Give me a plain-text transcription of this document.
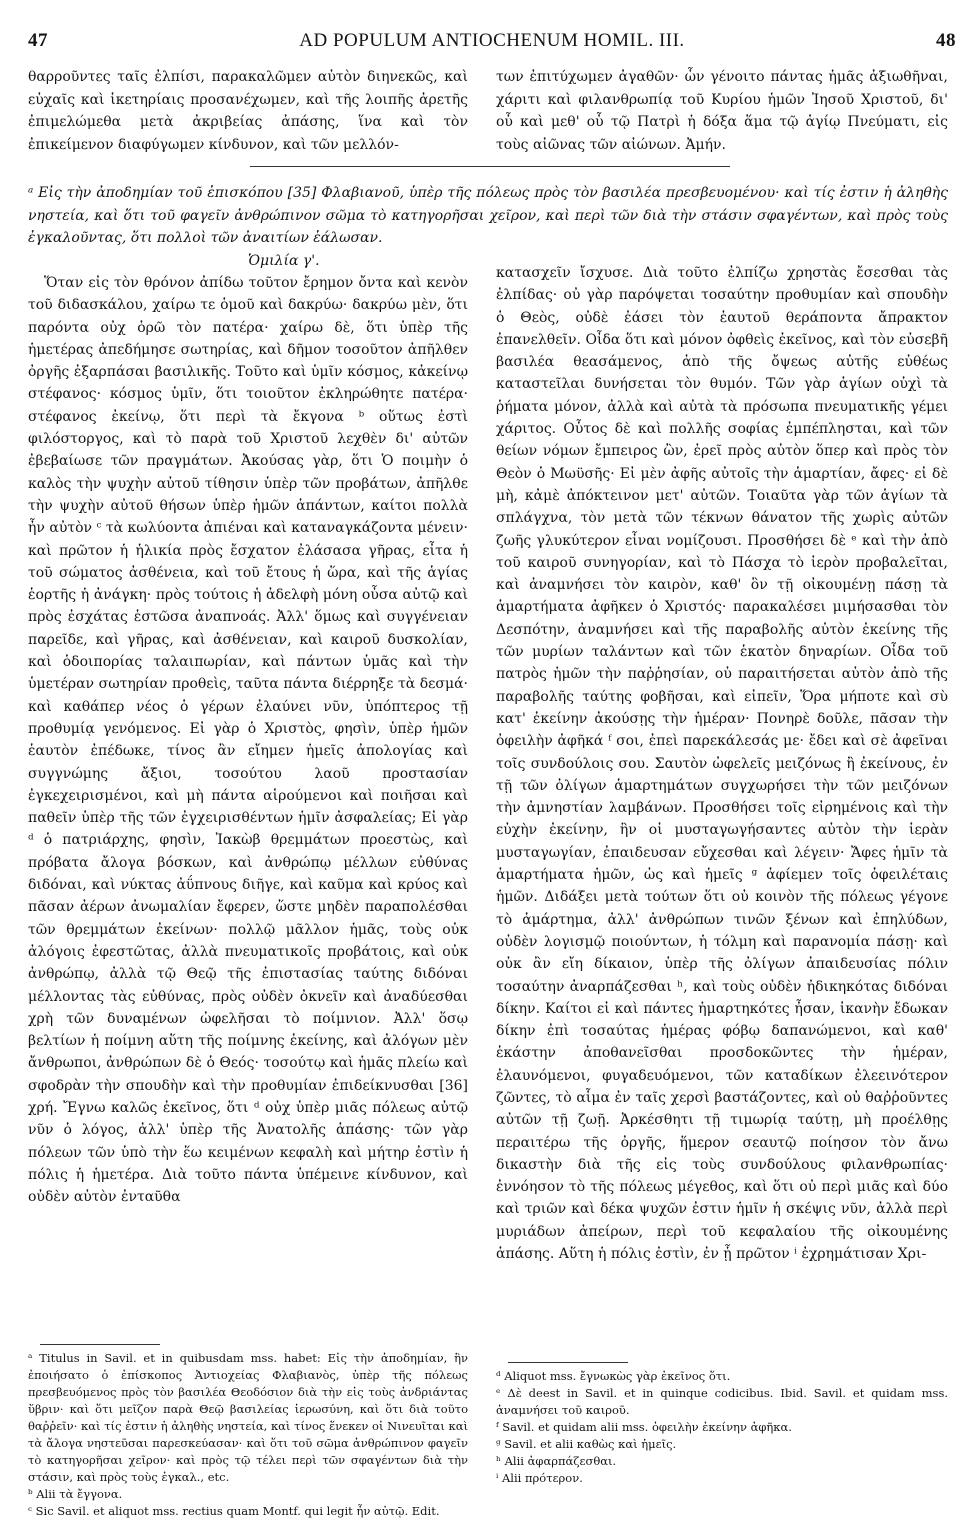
47	AD POPULUM ANTIOCHENUM HOMIL. III.	48

θαρροῦντες ταῖς ἐλπίσι, παρακαλῶμεν αὐτὸν διηνεκῶς, καὶ εὐχαῖς καὶ ἱκετηρίαις προσανέχωμεν, καὶ τῆς λοιπῆς ἀρετῆς ἐπιμελώμεθα μετὰ ἀκριβείας ἁπάσης, ἵνα καὶ τὸν ἐπικείμενον διαφύγωμεν κίνδυνον, καὶ τῶν μελλόν-

των ἐπιτύχωμεν ἀγαθῶν· ὧν γένοιτο πάντας ἡμᾶς ἀξιωθῆναι, χάριτι καὶ φιλανθρωπίᾳ τοῦ Κυρίου ἡμῶν Ἰησοῦ Χριστοῦ, δι' οὗ καὶ μεθ' οὗ τῷ Πατρὶ ἡ δόξα ἅμα τῷ ἁγίῳ Πνεύματι, εἰς τοὺς αἰῶνας τῶν αἰώνων. Ἀμήν.

ᵃ Εἰς τὴν ἀποδημίαν τοῦ ἐπισκόπου [35] Φλαβιανοῦ, ὑπὲρ τῆς πόλεως πρὸς τὸν βασιλέα πρεσβευομένου· καὶ τίς ἐστιν ἡ ἀληθὴς νηστεία, καὶ ὅτι τοῦ φαγεῖν ἀνθρώπινον σῶμα τὸ κατηγορῆσαι χεῖρον, καὶ περὶ τῶν διὰ τὴν στάσιν σφαγέντων, καὶ πρὸς τοὺς ἐγκαλοῦντας, ὅτι πολλοὶ τῶν ἀναιτίων ἑάλωσαν.
Ὁμιλία γ'.

Ὅταν εἰς τὸν θρόνον ἀπίδω τοῦτον ἔρημον ὄντα καὶ κενὸν τοῦ διδασκάλου, χαίρω τε ὁμοῦ καὶ δακρύω· δακρύω μὲν, ὅτι παρόντα οὐχ ὁρῶ τὸν πατέρα· χαίρω δὲ, ὅτι ὑπὲρ τῆς ἡμετέρας ἀπεδήμησε σωτηρίας, καὶ δῆμον τοσοῦτον ἀπῆλθεν ὀργῆς ἐξαρπάσαι βασιλικῆς. Τοῦτο καὶ ὑμῖν κόσμος, κἀκείνῳ στέφανος· κόσμος ὑμῖν, ὅτι τοιοῦτον ἐκληρώθητε πατέρα· στέφανος ἐκείνῳ, ὅτι περὶ τὰ ἔκγονα ᵇ οὕτως ἐστὶ φιλόστοργος, καὶ τὸ παρὰ τοῦ Χριστοῦ λεχθὲν δι' αὐτῶν ἐβεβαίωσε τῶν πραγμάτων. Ἀκούσας γὰρ, ὅτι Ὁ ποιμὴν ὁ καλὸς τὴν ψυχὴν αὐτοῦ τίθησιν ὑπὲρ τῶν προβάτων, ἀπῆλθε τὴν ψυχὴν αὐτοῦ θήσων ὑπὲρ ἡμῶν ἁπάντων, καίτοι πολλὰ ἦν αὐτὸν ᶜ τὰ κωλύοντα ἀπιέναι καὶ καταναγκάζοντα μένειν· καὶ πρῶτον ἡ ἡλικία πρὸς ἔσχατον ἐλάσασα γῆρας, εἶτα ἡ τοῦ σώματος ἀσθένεια, καὶ τοῦ ἔτους ἡ ὥρα, καὶ τῆς ἁγίας ἑορτῆς ἡ ἀνάγκη· πρὸς τούτοις ἡ ἀδελφὴ μόνη οὖσα αὐτῷ καὶ πρὸς ἐσχάτας ἑστῶσα ἀναπνοάς. Ἀλλ' ὅμως καὶ συγγένειαν παρεῖδε, καὶ γῆρας, καὶ ἀσθένειαν, καὶ καιροῦ δυσκολίαν, καὶ ὁδοιπορίας ταλαιπωρίαν, καὶ πάντων ὑμᾶς καὶ τὴν ὑμετέραν σωτηρίαν προθεὶς, ταῦτα πάντα διέρρηξε τὰ δεσμά· καὶ καθάπερ νέος ὁ γέρων ἐλαύνει νῦν, ὑπόπτερος τῇ προθυμίᾳ γενόμενος. Εἰ γὰρ ὁ Χριστὸς, φησὶν, ὑπὲρ ἡμῶν ἑαυτὸν ἐπέδωκε, τίνος ἂν εἴημεν ἡμεῖς ἀπολογίας καὶ συγγνώμης ἄξιοι, τοσούτου λαοῦ προστασίαν ἐγκεχειρισμένοι, καὶ μὴ πάντα αἱρούμενοι καὶ ποιῆσαι καὶ παθεῖν ὑπὲρ τῆς τῶν ἐγχειρισθέντων ἡμῖν ἀσφαλείας; Εἰ γὰρ ᵈ ὁ πατριάρχης, φησὶν, Ἰακὼβ θρεμμάτων προεστὼς, καὶ πρόβατα ἄλογα βόσκων, καὶ ἀνθρώπῳ μέλλων εὐθύνας διδόναι, καὶ νύκτας ἀΰπνους διῆγε, καὶ καῦμα καὶ κρύος καὶ πᾶσαν ἀέρων ἀνωμαλίαν ἔφερεν, ὥστε μηδὲν παραπολέσθαι τῶν θρεμμάτων ἐκείνων· πολλῷ μᾶλλον ἡμᾶς, τοὺς οὐκ ἀλόγοις ἐφεστῶτας, ἀλλὰ πνευματικοῖς προβάτοις, καὶ οὐκ ἀνθρώπῳ, ἀλλὰ τῷ Θεῷ τῆς ἐπιστασίας ταύτης διδόναι μέλλοντας τὰς εὐθύνας, πρὸς οὐδὲν ὀκνεῖν καὶ ἀναδύεσθαι χρὴ τῶν δυναμένων ὠφελῆσαι τὸ ποίμνιον. Ἀλλ' ὅσῳ βελτίων ἡ ποίμνη αὕτη τῆς ποίμνης ἐκείνης, καὶ ἀλόγων μὲν ἄνθρωποι, ἀνθρώπων δὲ ὁ Θεός· τοσούτῳ καὶ ἡμᾶς πλείω καὶ σφοδρὰν τὴν σπουδὴν καὶ τὴν προθυμίαν ἐπιδείκνυσθαι [36] χρή. Ἔγνω καλῶς ἐκεῖνος, ὅτι ᵈ οὐχ ὑπὲρ μιᾶς πόλεως αὐτῷ νῦν ὁ λόγος, ἀλλ' ὑπὲρ τῆς Ἀνατολῆς ἁπάσης· τῶν γὰρ πόλεων τῶν ὑπὸ τὴν ἕω κειμένων κεφαλὴ καὶ μήτηρ ἐστὶν ἡ πόλις ἡ ἡμετέρα. Διὰ τοῦτο πάντα ὑπέμεινε κίνδυνον, καὶ οὐδὲν αὐτὸν ἐνταῦθα

κατασχεῖν ἴσχυσε. Διὰ τοῦτο ἐλπίζω χρηστὰς ἔσεσθαι τὰς ἐλπίδας· οὐ γὰρ παρόψεται τοσαύτην προθυμίαν καὶ σπουδὴν ὁ Θεὸς, οὐδὲ ἐάσει τὸν ἑαυτοῦ θεράποντα ἄπρακτον ἐπανελθεῖν. Οἶδα ὅτι καὶ μόνον ὀφθεὶς ἐκεῖνος, καὶ τὸν εὐσεβῆ βασιλέα θεασάμενος, ἀπὸ τῆς ὄψεως αὐτῆς εὐθέως καταστεῖλαι δυνήσεται τὸν θυμόν. Τῶν γὰρ ἁγίων οὐχὶ τὰ ῥήματα μόνον, ἀλλὰ καὶ αὐτὰ τὰ πρόσωπα πνευματικῆς γέμει χάριτος. Οὗτος δὲ καὶ πολλῆς σοφίας ἐμπέπλησται, καὶ τῶν θείων νόμων ἔμπειρος ὢν, ἐρεῖ πρὸς αὐτὸν ὅπερ καὶ πρὸς τὸν Θεὸν ὁ Μωϋσῆς· Εἰ μὲν ἀφῆς αὐτοῖς τὴν ἁμαρτίαν, ἄφες· εἰ δὲ μὴ, κἀμὲ ἀπόκτεινον μετ' αὐτῶν. Τοιαῦτα γὰρ τῶν ἁγίων τὰ σπλάγχνα, τὸν μετὰ τῶν τέκνων θάνατον τῆς χωρὶς αὐτῶν ζωῆς γλυκύτερον εἶναι νομίζουσι. Προσθήσει δὲ ᵉ καὶ τὴν ἀπὸ τοῦ καιροῦ συνηγορίαν, καὶ τὸ Πάσχα τὸ ἱερὸν προβαλεῖται, καὶ ἀναμνήσει τὸν καιρὸν, καθ' ὃν τῇ οἰκουμένῃ πάσῃ τὰ ἁμαρτήματα ἀφῆκεν ὁ Χριστός· παρακαλέσει μιμήσασθαι τὸν Δεσπότην, ἀναμνήσει καὶ τῆς παραβολῆς αὐτὸν ἐκείνης τῆς τῶν μυρίων ταλάντων καὶ τῶν ἑκατὸν δηναρίων. Οἶδα τοῦ πατρὸς ἡμῶν τὴν παῤῥησίαν, οὐ παραιτήσεται αὐτὸν ἀπὸ τῆς παραβολῆς ταύτης φοβῆσαι, καὶ εἰπεῖν, Ὅρα μήποτε καὶ σὺ κατ' ἐκείνην ἀκούσῃς τὴν ἡμέραν· Πονηρὲ δοῦλε, πᾶσαν τὴν ὀφειλὴν ἀφῆκά ᶠ σοι, ἐπεὶ παρεκάλεσάς με· ἔδει καὶ σὲ ἀφεῖναι τοῖς συνδούλοις σου. Σαυτὸν ὠφελεῖς μειζόνως ἢ ἐκείνους, ἐν τῇ τῶν ὀλίγων ἁμαρτημάτων συγχωρήσει τὴν τῶν μειζόνων τὴν ἀμνηστίαν λαμβάνων. Προσθήσει τοῖς εἰρημένοις καὶ τὴν εὐχὴν ἐκείνην, ἣν οἱ μυσταγωγήσαντες αὐτὸν τὴν ἱερὰν μυσταγωγίαν, ἐπαιδευσαν εὔχεσθαι καὶ λέγειν· Ἄφες ἡμῖν τὰ ἁμαρτήματα ἡμῶν, ὡς καὶ ἡμεῖς ᵍ ἀφίεμεν τοῖς ὀφειλέταις ἡμῶν. Διδάξει μετὰ τούτων ὅτι οὐ κοινὸν τῆς πόλεως γέγονε τὸ ἁμάρτημα, ἀλλ' ἀνθρώπων τινῶν ξένων καὶ ἐπηλύδων, οὐδὲν λογισμῷ ποιούντων, ἡ τόλμη καὶ παρανομία πάσῃ· καὶ οὐκ ἂν εἴη δίκαιον, ὑπὲρ τῆς ὀλίγων ἀπαιδευσίας πόλιν τοσαύτην ἀναρπάζεσθαι ʰ, καὶ τοὺς οὐδὲν ἠδικηκότας διδόναι δίκην. Καίτοι εἰ καὶ πάντες ἡμαρτηκότες ἦσαν, ἱκανὴν ἔδωκαν δίκην ἐπὶ τοσαύτας ἡμέρας φόβῳ δαπανώμενοι, καὶ καθ' ἑκάστην ἀποθανεῖσθαι προσδοκῶντες τὴν ἡμέραν, ἐλαυνόμενοι, φυγαδευόμενοι, τῶν καταδίκων ἐλεεινότερον ζῶντες, τὸ αἷμα ἐν ταῖς χερσὶ βαστάζοντες, καὶ οὐ θαῤῥοῦντες αὐτῶν τῇ ζωῇ. Ἀρκέσθητι τῇ τιμωρίᾳ ταύτῃ, μὴ προέλθῃς περαιτέρω τῆς ὀργῆς, ἥμερον σεαυτῷ ποίησον τὸν ἄνω δικαστὴν διὰ τῆς εἰς τοὺς συνδούλους φιλανθρωπίας· ἐννόησον τὸ τῆς πόλεως μέγεθος, καὶ ὅτι οὐ περὶ μιᾶς καὶ δύο καὶ τριῶν καὶ δέκα ψυχῶν ἐστιν ἡμῖν ἡ σκέψις νῦν, ἀλλὰ περὶ μυριάδων ἀπείρων, περὶ τοῦ κεφαλαίου τῆς οἰκουμένης ἁπάσης. Αὕτη ἡ πόλις ἐστὶν, ἐν ᾗ πρῶτον ⁱ ἐχρημάτισαν Χρι-

ᵃ Titulus in Savil. et in quibusdam mss. habet: Εἰς τὴν ἀποδημίαν, ἣν ἐποιήσατο ὁ ἐπίσκοπος Ἀντιοχείας Φλαβιανὸς, ὑπὲρ τῆς πόλεως πρεσβευόμενος πρὸς τὸν βασιλέα Θεοδόσιον διὰ τὴν εἰς τοὺς ἀνδριάντας ὕβριν· καὶ ὅτι μεῖζον παρὰ Θεῷ βασιλείας ἱερωσύνη, καὶ ὅτι διὰ τοῦτο θαῤῥεῖν· καὶ τίς ἐστιν ἡ ἀληθὴς νηστεία, καὶ τίνος ἕνεκεν οἱ Νινευῖται καὶ τὰ ἄλογα νηστεῦσαι παρεσκεύασαν· καὶ ὅτι τοῦ σῶμα ἀνθρώπινον φαγεῖν τὸ κατηγορῆσαι χεῖρον· καὶ πρὸς τῷ τέλει περὶ τῶν σφαγέντων διὰ τὴν στάσιν, καὶ πρὸς τοὺς ἐγκαλ., etc.

ᵇ Alii τὰ ἔγγονα.

ᶜ Sic Savil. et aliquot mss. rectius quam Montf. qui legit ἦν αὐτῷ. Edit.

ᵈ Aliquot mss. ἔγνωκὼς γὰρ ἐκεῖνος ὅτι.

ᵉ Δὲ deest in Savil. et in quinque codicibus. Ibid. Savil. et quidam mss. ἀναμνήσει τοῦ καιροῦ.

ᶠ Savil. et quidam alii mss. ὀφειλὴν ἐκείνην ἀφῆκα.

ᵍ Savil. et alii καθὼς καὶ ἡμεῖς.

ʰ Alii ἀφαρπάζεσθαι.

ⁱ Alii πρότερον.
